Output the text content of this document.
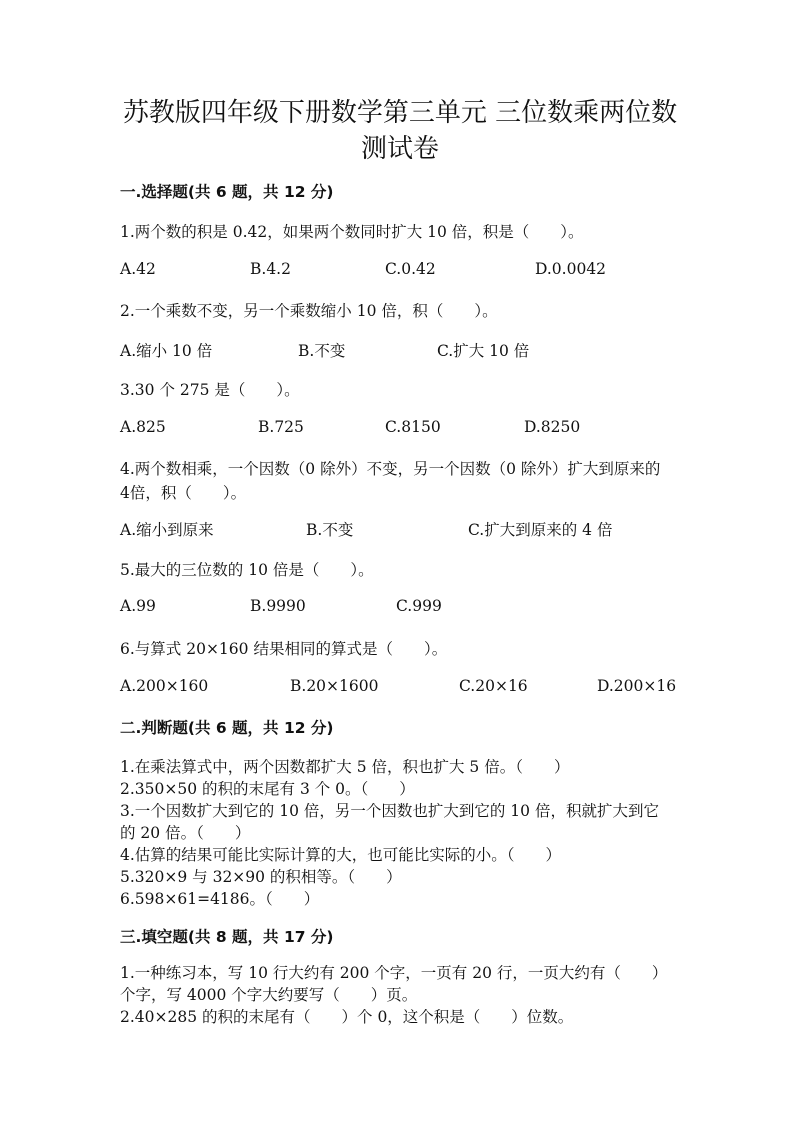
苏教版四年级下册数学第三单元 三位数乘两位数
测试卷
一.选择题(共 6 题，共 12 分)
1.两个数的积是 0.42，如果两个数同时扩大 10 倍，积是（　　）。
A.42	B.4.2	C.0.42	D.0.0042
2.一个乘数不变，另一个乘数缩小 10 倍，积（　　）。
A.缩小 10 倍	B.不变	C.扩大 10 倍
3.30 个 275 是（　　）。
A.825	B.725	C.8150	D.8250
4.两个数相乘，一个因数（0 除外）不变，另一个因数（0 除外）扩大到原来的
4倍，积（　　）。
A.缩小到原来	B.不变	C.扩大到原来的 4 倍
5.最大的三位数的 10 倍是（　　）。
A.99	B.9990	C.999
6.与算式 20×160 结果相同的算式是（　　）。
A.200×160	B.20×1600	C.20×16	D.200×16
二.判断题(共 6 题，共 12 分)
1.在乘法算式中，两个因数都扩大 5 倍，积也扩大 5 倍。（　　）
2.350×50 的积的末尾有 3 个 0。（　　）
3.一个因数扩大到它的 10 倍，另一个因数也扩大到它的 10 倍，积就扩大到它
的 20 倍。（　　）
4.估算的结果可能比实际计算的大，也可能比实际的小。（　　）
5.320×9 与 32×90 的积相等。（　　）
6.598×61=4186。（　　）
三.填空题(共 8 题，共 17 分)
1.一种练习本，写 10 行大约有 200 个字，一页有 20 行，一页大约有（　　）
个字，写 4000 个字大约要写（　　）页。
2.40×285 的积的末尾有（　　）个 0，这个积是（　　）位数。
